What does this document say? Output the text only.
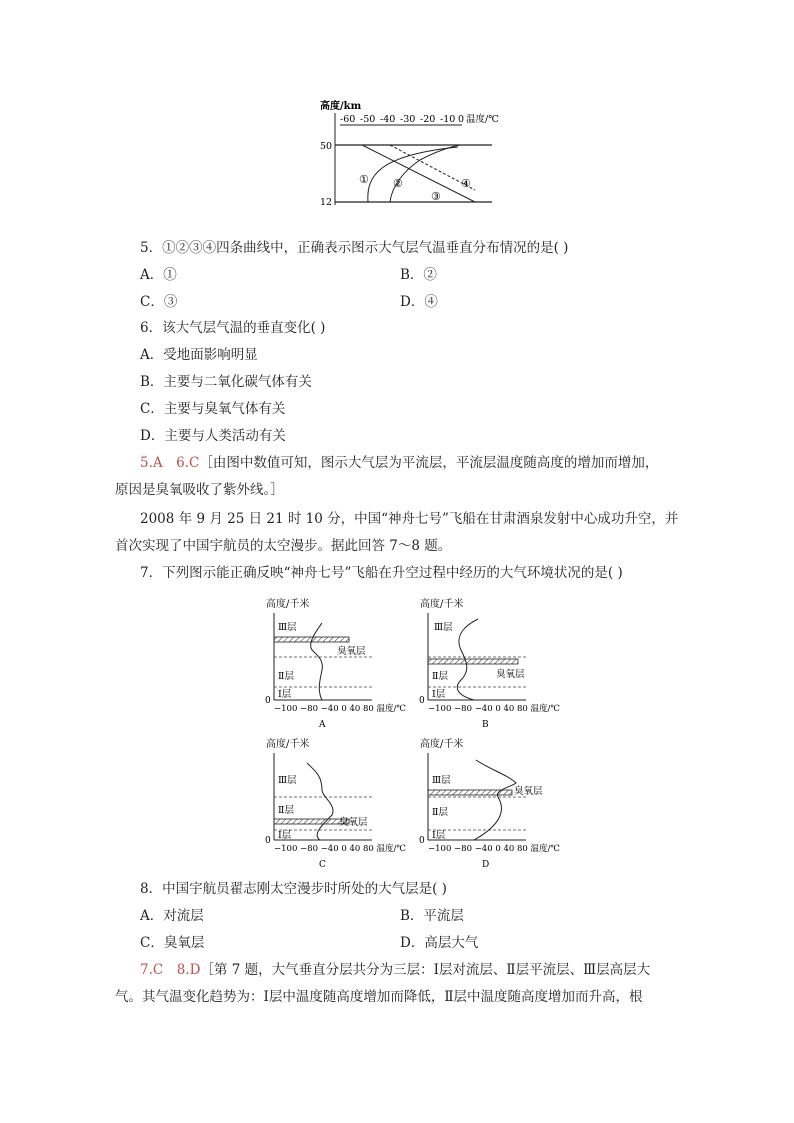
高度/km
-60 -50 -40 -30 -20 -10 0 温度/℃
50
12
① ②
③
④
5．①②③④四条曲线中，正确表示图示大气层气温垂直分布情况的是( )
A．①	B．②
C．③	D．④
6．该大气层气温的垂直变化( )
A．受地面影响明显
B．主要与二氧化碳气体有关
C．主要与臭氧气体有关
D．主要与人类活动有关
5.A　6.C［由图中数值可知，图示大气层为平流层，平流层温度随高度的增加而增加，
原因是臭氧吸收了紫外线。］
2008 年 9 月 25 日 21 时 10 分，中国“神舟七号”飞船在甘肃酒泉发射中心成功升空，并
首次实现了中国宇航员的太空漫步。据此回答 7～8 题。
7．下列图示能正确反映“神舟七号”飞船在升空过程中经历的大气环境状况的是( )
高度/千米
Ⅲ层
臭氧层
Ⅱ层
Ⅰ层
0
−100 −80 −40 0 40 80 温度/℃
A
高度/千米
Ⅲ层
臭氧层
Ⅱ层
Ⅰ层
0
−100 −80 −40 0 40 80 温度/℃
B
高度/千米
Ⅲ层
Ⅱ层
臭氧层
Ⅰ层
0
−100 −80 −40 0 40 80 温度/℃
C
高度/千米
Ⅲ层
臭氧层
Ⅱ层
Ⅰ层
0
−100 −80 −40 0 40 80 温度/℃
D
8．中国宇航员翟志刚太空漫步时所处的大气层是( )
A．对流层	B．平流层
C．臭氧层	D．高层大气
7.C　8.D［第 7 题，大气垂直分层共分为三层：Ⅰ层对流层、Ⅱ层平流层、Ⅲ层高层大
气。其气温变化趋势为：Ⅰ层中温度随高度增加而降低，Ⅱ层中温度随高度增加而升高，根
